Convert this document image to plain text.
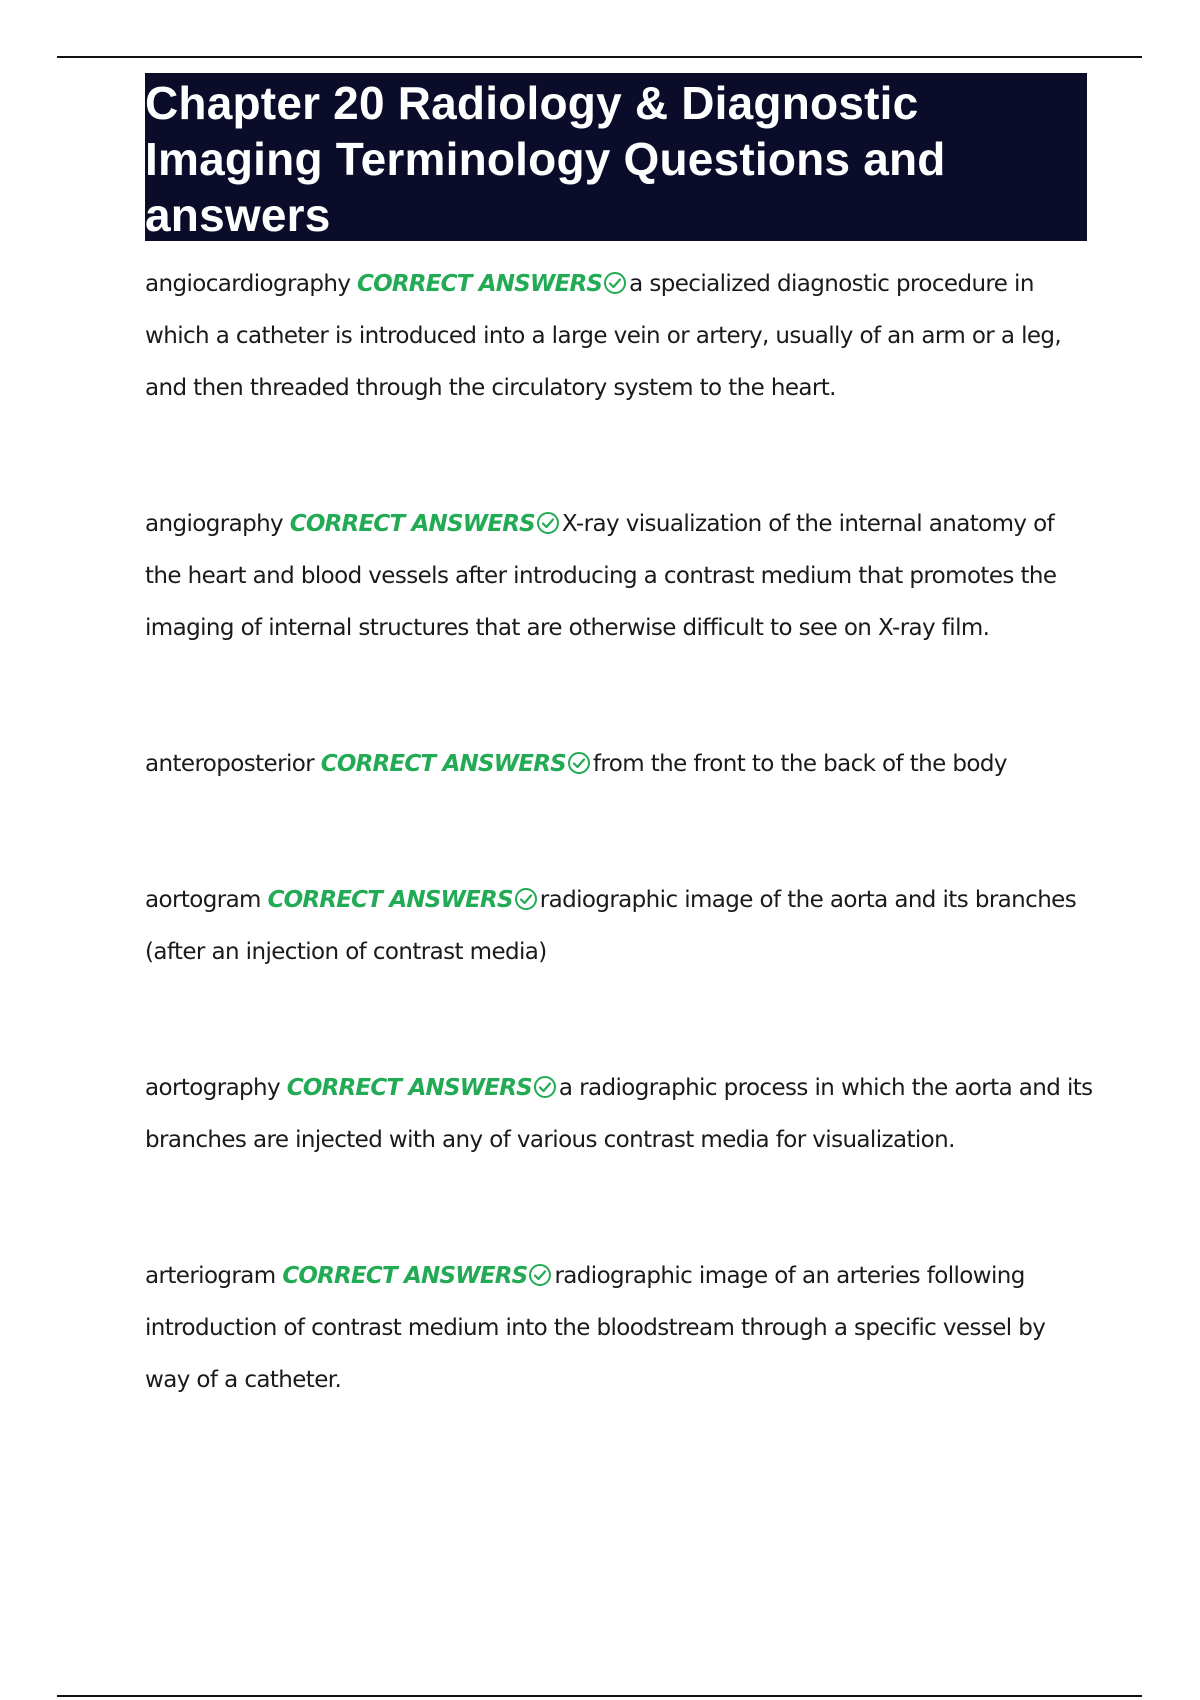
Chapter 20 Radiology & Diagnostic Imaging Terminology Questions and answers

angiocardiography CORRECT ANSWERS a specialized diagnostic procedure in which a catheter is introduced into a large vein or artery, usually of an arm or a leg, and then threaded through the circulatory system to the heart.

angiography CORRECT ANSWERS X-ray visualization of the internal anatomy of the heart and blood vessels after introducing a contrast medium that promotes the imaging of internal structures that are otherwise difficult to see on X-ray film.

anteroposterior CORRECT ANSWERS from the front to the back of the body

aortogram CORRECT ANSWERS radiographic image of the aorta and its branches (after an injection of contrast media)

aortography CORRECT ANSWERS a radiographic process in which the aorta and its branches are injected with any of various contrast media for visualization.

arteriogram CORRECT ANSWERS radiographic image of an arteries following introduction of contrast medium into the bloodstream through a specific vessel by way of a catheter.
